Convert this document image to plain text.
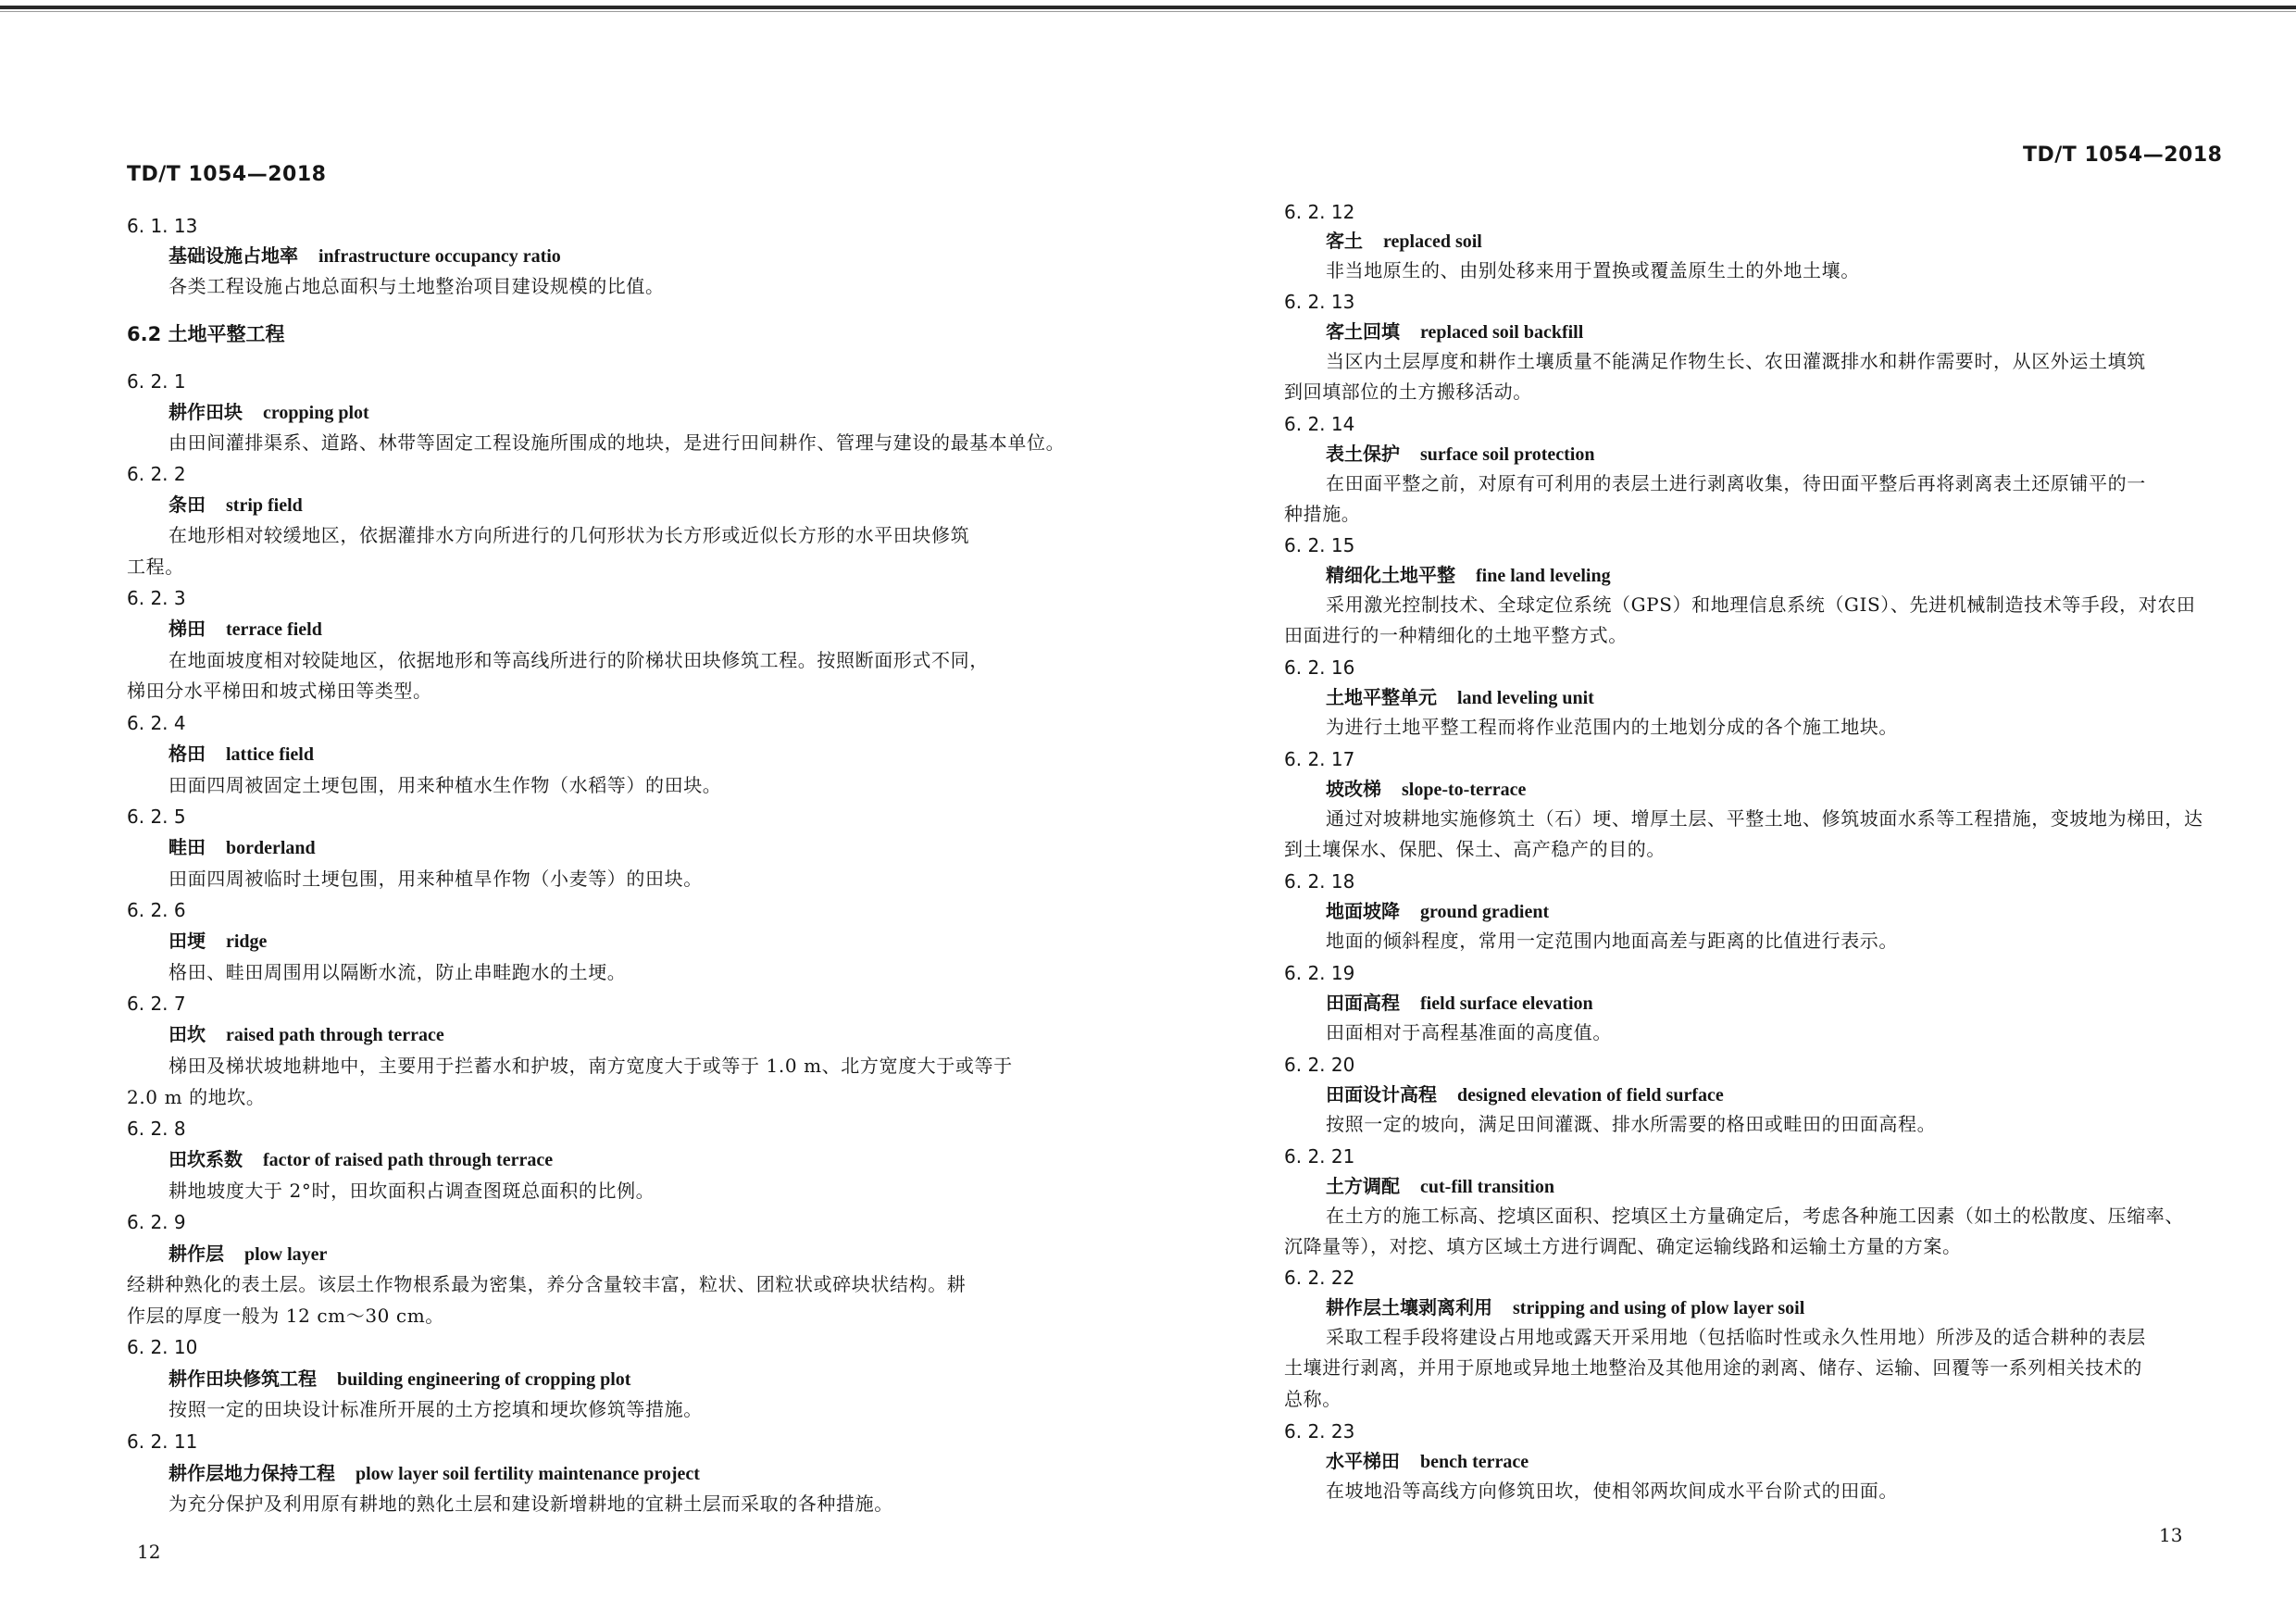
TD/T 1054—2018
TD/T 1054—2018
6. 1. 13
基础设施占地率 infrastructure occupancy ratio
各类工程设施占地总面积与土地整治项目建设规模的比值。
6.2 土地平整工程
6. 2. 1
耕作田块 cropping plot
由田间灌排渠系、道路、林带等固定工程设施所围成的地块，是进行田间耕作、管理与建设的最基本单位。
6. 2. 2
条田 strip field
在地形相对较缓地区，依据灌排水方向所进行的几何形状为长方形或近似长方形的水平田块修筑
工程。
6. 2. 3
梯田 terrace field
在地面坡度相对较陡地区，依据地形和等高线所进行的阶梯状田块修筑工程。按照断面形式不同，
梯田分水平梯田和坡式梯田等类型。
6. 2. 4
格田 lattice field
田面四周被固定土埂包围，用来种植水生作物（水稻等）的田块。
6. 2. 5
畦田 borderland
田面四周被临时土埂包围，用来种植旱作物（小麦等）的田块。
6. 2. 6
田埂 ridge
格田、畦田周围用以隔断水流，防止串畦跑水的土埂。
6. 2. 7
田坎 raised path through terrace
梯田及梯状坡地耕地中，主要用于拦蓄水和护坡，南方宽度大于或等于 1.0 m、北方宽度大于或等于
2.0 m 的地坎。
6. 2. 8
田坎系数 factor of raised path through terrace
耕地坡度大于 2°时，田坎面积占调查图斑总面积的比例。
6. 2. 9
耕作层 plow layer
经耕种熟化的表土层。该层土作物根系最为密集，养分含量较丰富，粒状、团粒状或碎块状结构。耕
作层的厚度一般为 12 cm～30 cm。
6. 2. 10
耕作田块修筑工程 building engineering of cropping plot
按照一定的田块设计标准所开展的土方挖填和埂坎修筑等措施。
6. 2. 11
耕作层地力保持工程 plow layer soil fertility maintenance project
为充分保护及利用原有耕地的熟化土层和建设新增耕地的宜耕土层而采取的各种措施。
6. 2. 12
客土 replaced soil
非当地原生的、由别处移来用于置换或覆盖原生土的外地土壤。
6. 2. 13
客土回填 replaced soil backfill
当区内土层厚度和耕作土壤质量不能满足作物生长、农田灌溉排水和耕作需要时，从区外运土填筑
到回填部位的土方搬移活动。
6. 2. 14
表土保护 surface soil protection
在田面平整之前，对原有可利用的表层土进行剥离收集，待田面平整后再将剥离表土还原铺平的一
种措施。
6. 2. 15
精细化土地平整 fine land leveling
采用激光控制技术、全球定位系统（GPS）和地理信息系统（GIS）、先进机械制造技术等手段，对农田
田面进行的一种精细化的土地平整方式。
6. 2. 16
土地平整单元 land leveling unit
为进行土地平整工程而将作业范围内的土地划分成的各个施工地块。
6. 2. 17
坡改梯 slope-to-terrace
通过对坡耕地实施修筑土（石）埂、增厚土层、平整土地、修筑坡面水系等工程措施，变坡地为梯田，达
到土壤保水、保肥、保土、高产稳产的目的。
6. 2. 18
地面坡降 ground gradient
地面的倾斜程度，常用一定范围内地面高差与距离的比值进行表示。
6. 2. 19
田面高程 field surface elevation
田面相对于高程基准面的高度值。
6. 2. 20
田面设计高程 designed elevation of field surface
按照一定的坡向，满足田间灌溉、排水所需要的格田或畦田的田面高程。
6. 2. 21
土方调配 cut-fill transition
在土方的施工标高、挖填区面积、挖填区土方量确定后，考虑各种施工因素（如土的松散度、压缩率、
沉降量等），对挖、填方区域土方进行调配、确定运输线路和运输土方量的方案。
6. 2. 22
耕作层土壤剥离利用 stripping and using of plow layer soil
采取工程手段将建设占用地或露天开采用地（包括临时性或永久性用地）所涉及的适合耕种的表层
土壤进行剥离，并用于原地或异地土地整治及其他用途的剥离、储存、运输、回覆等一系列相关技术的
总称。
6. 2. 23
水平梯田 bench terrace
在坡地沿等高线方向修筑田坎，使相邻两坎间成水平台阶式的田面。
12
13
